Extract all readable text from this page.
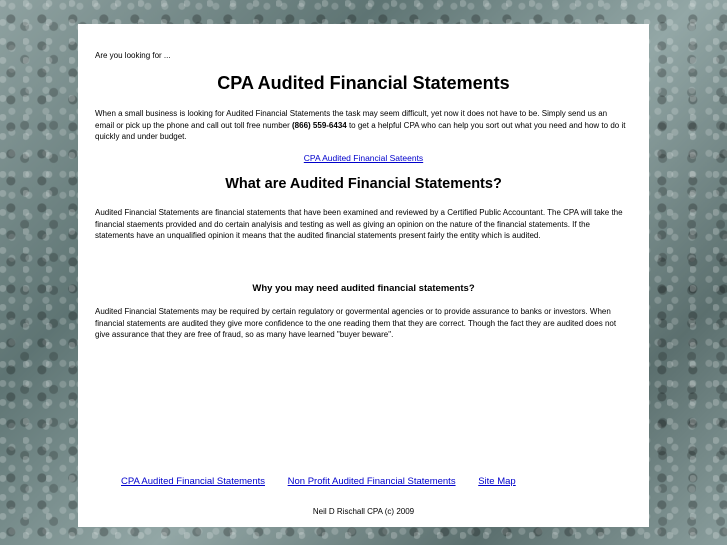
Are you looking for ...

CPA Audited Financial Statements

When a small business is looking for Audited Financial Statements the task may seem difficult, yet now it does not have to be. Simply send us an email or pick up the phone and call out toll free number (866) 559-6434 to get a helpful CPA who can help you sort out what you need and how to do it quickly and under budget.

CPA Audited Financial Sateents
What are Audited Financial Statements?

Audited Financial Statements are financial statements that have been examined and reviewed by a Certified Public Accountant. The CPA will take the financial staements provided and do certain analyisis and testing as well as giving an opinion on the nature of the financial statements. If the statements have an unqualified opinion it means that the audited financial statements present fairly the entity which is audited.

Why you may need audited financial statements?

Audited Financial Statements may be required by certain regulatory or govermental agencies or to provide assurance to banks or investors. When financial statements are audited they give more confidence to the one reading them that they are correct. Though the fact they are audited does not give assurance that they are free of fraud, so as many have learned "buyer beware".

CPA Audited Financial Statements Non Profit Audited Financial Statements Site Map
Neil D Rischall CPA (c) 2009
